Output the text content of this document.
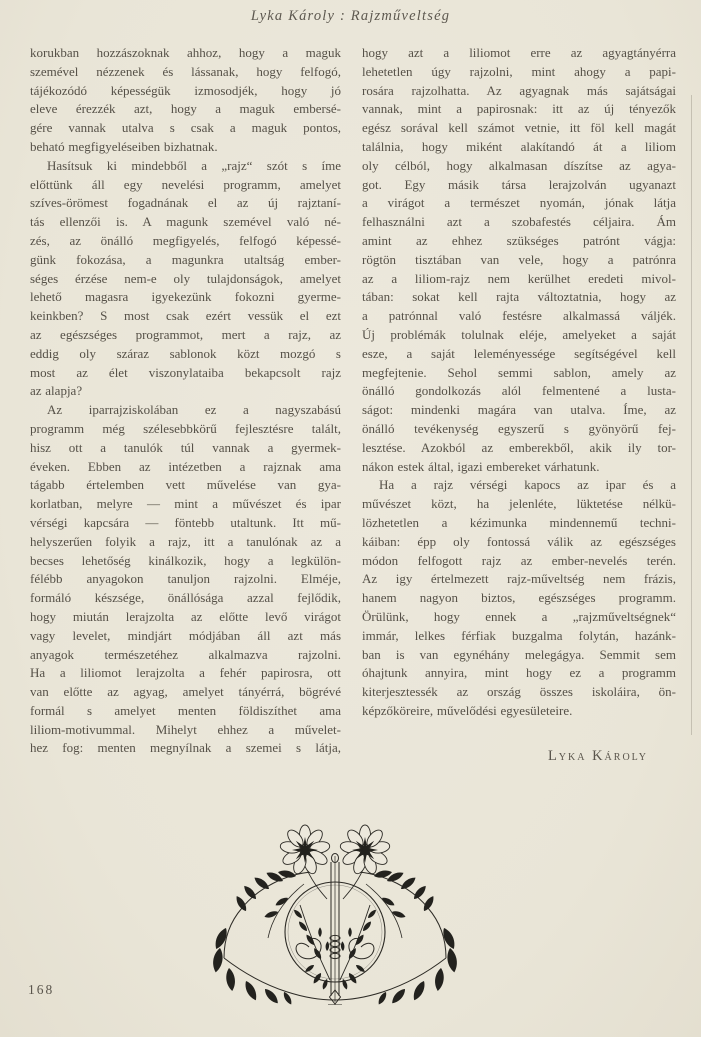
Lyka Károly : Rajzműveltség
korukban hozzászoknak ahhoz, hogy a maguk
szemével nézzenek és lássanak, hogy felfogó,
tájékozódó képességük izmosodjék, hogy jó
eleve érezzék azt, hogy a maguk embersé-
gére vannak utalva s csak a maguk pontos,
beható megfigyeléseiben bizhatnak.
Hasítsuk ki mindebből a „rajz“ szót s íme
előttünk áll egy nevelési programm, amelyet
szíves-örömest fogadnának el az új rajztaní-
tás ellenzői is. A magunk szemével való né-
zés, az önálló megfigyelés, felfogó képessé-
günk fokozása, a magunkra utaltság ember-
séges érzése nem-e oly tulajdonságok, amelyet
lehető magasra igyekezünk fokozni gyerme-
keinkben? S most csak ezért vessük el ezt
az egészséges programmot, mert a rajz, az
eddig oly száraz sablonok közt mozgó s
most az élet viszonylataiba bekapcsolt rajz
az alapja?
Az iparrajziskolában ez a nagyszabású
programm még szélesebbkörű fejlesztésre talált,
hisz ott a tanulók túl vannak a gyermek-
éveken. Ebben az intézetben a rajznak ama
tágabb értelemben vett művelése van gya-
korlatban, melyre — mint a művészet és ipar
vérségi kapcsára — föntebb utaltunk. Itt mű-
helyszerűen folyik a rajz, itt a tanulónak az a
becses lehetőség kinálkozik, hogy a legkülön-
félébb anyagokon tanuljon rajzolni. Elméje,
formáló készsége, önállósága azzal fejlődik,
hogy miután lerajzolta az előtte levő virágot
vagy levelet, mindjárt módjában áll azt más
anyagok természetéhez alkalmazva rajzolni.
Ha a liliomot lerajzolta a fehér papirosra, ott
van előtte az agyag, amelyet tányérrá, bögrévé
formál s amelyet menten földiszíthet ama
liliom-motivummal. Mihelyt ehhez a művelet-
hez fog: menten megnyílnak a szemei s látja,
hogy azt a liliomot erre az agyagtányérra
lehetetlen úgy rajzolni, mint ahogy a papi-
rosára rajzolhatta. Az agyagnak más sajátságai
vannak, mint a papirosnak: itt az új tényezők
egész sorával kell számot vetnie, itt föl kell magát
találnia, hogy miként alakítandó át a liliom
oly célból, hogy alkalmasan díszítse az agya-
got. Egy másik társa lerajzolván ugyanazt
a virágot a természet nyomán, jónak látja
felhasználni azt a szobafestés céljaira. Ám
amint az ehhez szükséges patrónt vágja:
rögtön tisztában van vele, hogy a patrónra
az a liliom-rajz nem kerülhet eredeti mivol-
tában: sokat kell rajta változtatnia, hogy az
a patrónnal való festésre alkalmassá váljék.
Új problémák tolulnak eléje, amelyeket a saját
esze, a saját leleményessége segítségével kell
megfejtenie. Sehol semmi sablon, amely az
önálló gondolkozás alól felmentené a lusta-
ságot: mindenki magára van utalva. Íme, az
önálló tevékenység egyszerű s gyönyörű fej-
lesztése. Azokból az emberekből, akik ily tor-
nákon estek által, igazi embereket várhatunk.
Ha a rajz vérségi kapocs az ipar és a
művészet közt, ha jelenléte, lüktetése nélkü-
lözhetetlen a kézimunka mindennemű techni-
káiban: épp oly fontossá válik az egészséges
módon felfogott rajz az ember-nevelés terén.
Az igy értelmezett rajz-műveltség nem frázis,
hanem nagyon biztos, egészséges programm.
Örülünk, hogy ennek a „rajzműveltségnek“
immár, lelkes férfiak buzgalma folytán, hazánk-
ban is van egynéhány melegágya. Semmit sem
óhajtunk annyira, mint hogy ez a programm
kiterjesztessék az ország összes iskoláira, ön-
képzőköreire, művelődési egyesületeire.
Lyka Károly
168
